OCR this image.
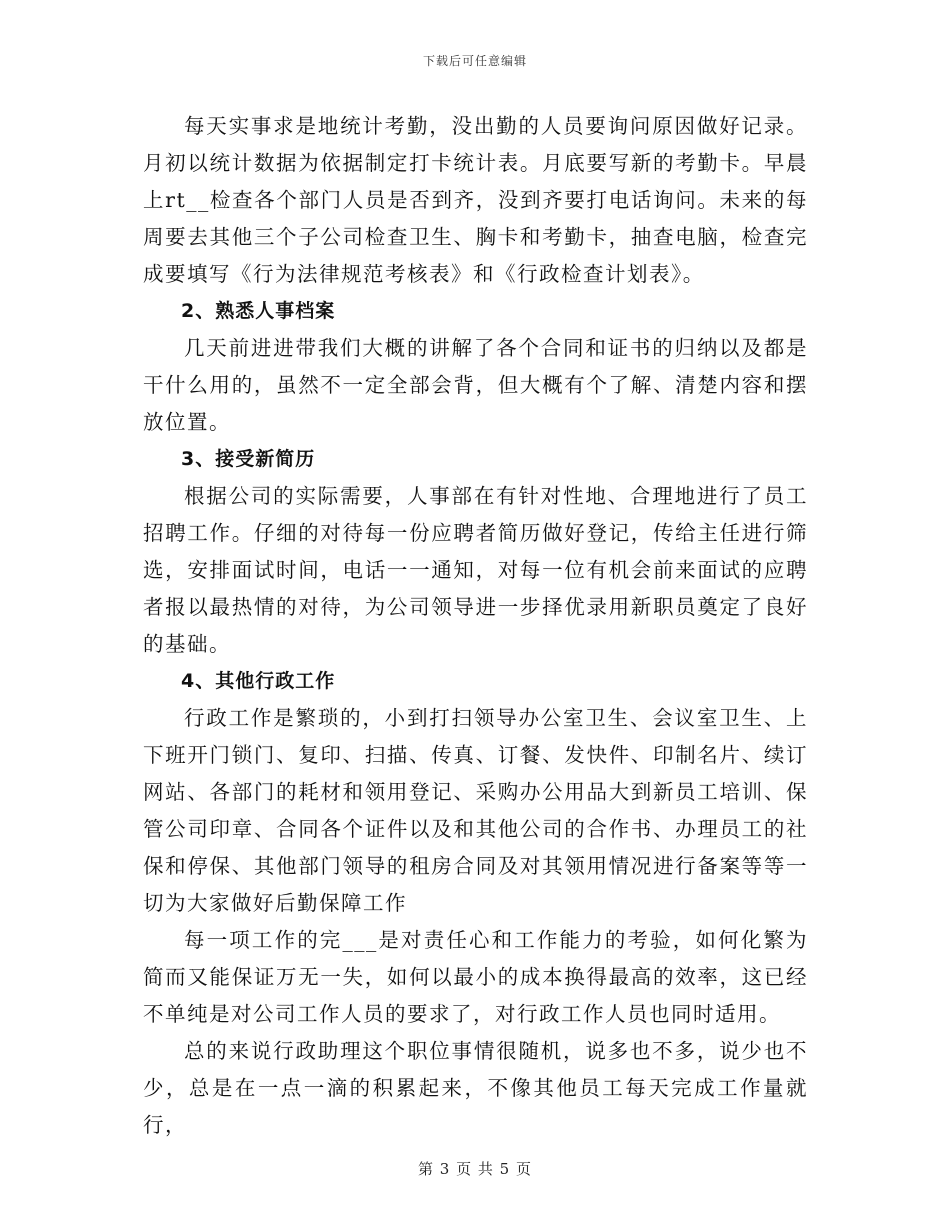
下载后可任意编辑

每天实事求是地统计考勤，没出勤的人员要询问原因做好记录。月初以统计数据为依据制定打卡统计表。月底要写新的考勤卡。早晨上rt__检查各个部门人员是否到齐，没到齐要打电话询问。未来的每周要去其他三个子公司检查卫生、胸卡和考勤卡，抽查电脑，检查完成要填写《行为法律规范考核表》和《行政检查计划表》。

2、熟悉人事档案

几天前进进带我们大概的讲解了各个合同和证书的归纳以及都是干什么用的，虽然不一定全部会背，但大概有个了解、清楚内容和摆放位置。

3、接受新简历

根据公司的实际需要，人事部在有针对性地、合理地进行了员工招聘工作。仔细的对待每一份应聘者简历做好登记，传给主任进行筛选，安排面试时间，电话一一通知，对每一位有机会前来面试的应聘者报以最热情的对待，为公司领导进一步择优录用新职员奠定了良好的基础。

4、其他行政工作

行政工作是繁琐的，小到打扫领导办公室卫生、会议室卫生、上下班开门锁门、复印、扫描、传真、订餐、发快件、印制名片、续订网站、各部门的耗材和领用登记、采购办公用品大到新员工培训、保管公司印章、合同各个证件以及和其他公司的合作书、办理员工的社保和停保、其他部门领导的租房合同及对其领用情况进行备案等等一切为大家做好后勤保障工作

每一项工作的完___是对责任心和工作能力的考验，如何化繁为简而又能保证万无一失，如何以最小的成本换得最高的效率，这已经不单纯是对公司工作人员的要求了，对行政工作人员也同时适用。

总的来说行政助理这个职位事情很随机，说多也不多，说少也不少，总是在一点一滴的积累起来，不像其他员工每天完成工作量就行，

第 3 页 共 5 页
